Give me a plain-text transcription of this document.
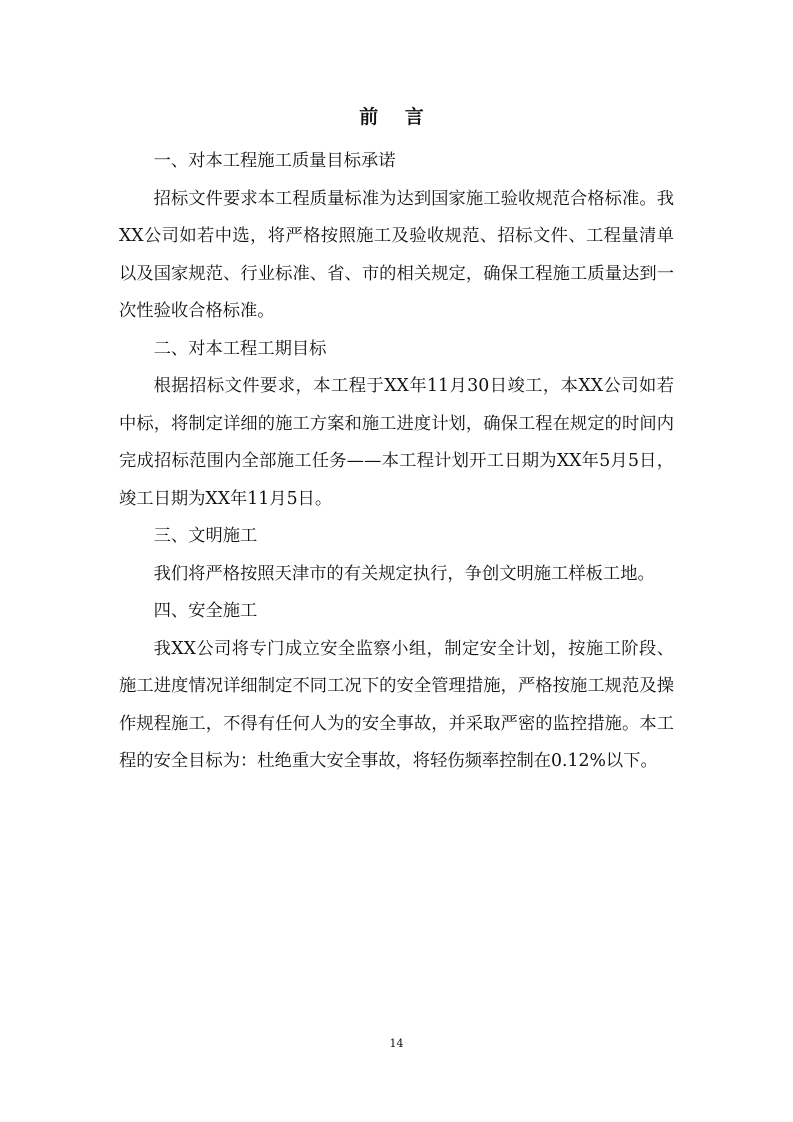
前 言

一、对本工程施工质量目标承诺

招标文件要求本工程质量标准为达到国家施工验收规范合格标准。我XX公司如若中选，将严格按照施工及验收规范、招标文件、工程量清单以及国家规范、行业标准、省、市的相关规定，确保工程施工质量达到一次性验收合格标准。

二、对本工程工期目标

根据招标文件要求，本工程于XX年11月30日竣工，本XX公司如若中标，将制定详细的施工方案和施工进度计划，确保工程在规定的时间内完成招标范围内全部施工任务——本工程计划开工日期为XX年5月5日，竣工日期为XX年11月5日。

三、文明施工

我们将严格按照天津市的有关规定执行，争创文明施工样板工地。

四、安全施工

我XX公司将专门成立安全监察小组，制定安全计划，按施工阶段、施工进度情况详细制定不同工况下的安全管理措施，严格按施工规范及操作规程施工，不得有任何人为的安全事故，并采取严密的监控措施。本工程的安全目标为：杜绝重大安全事故，将轻伤频率控制在0.12%以下。

14
